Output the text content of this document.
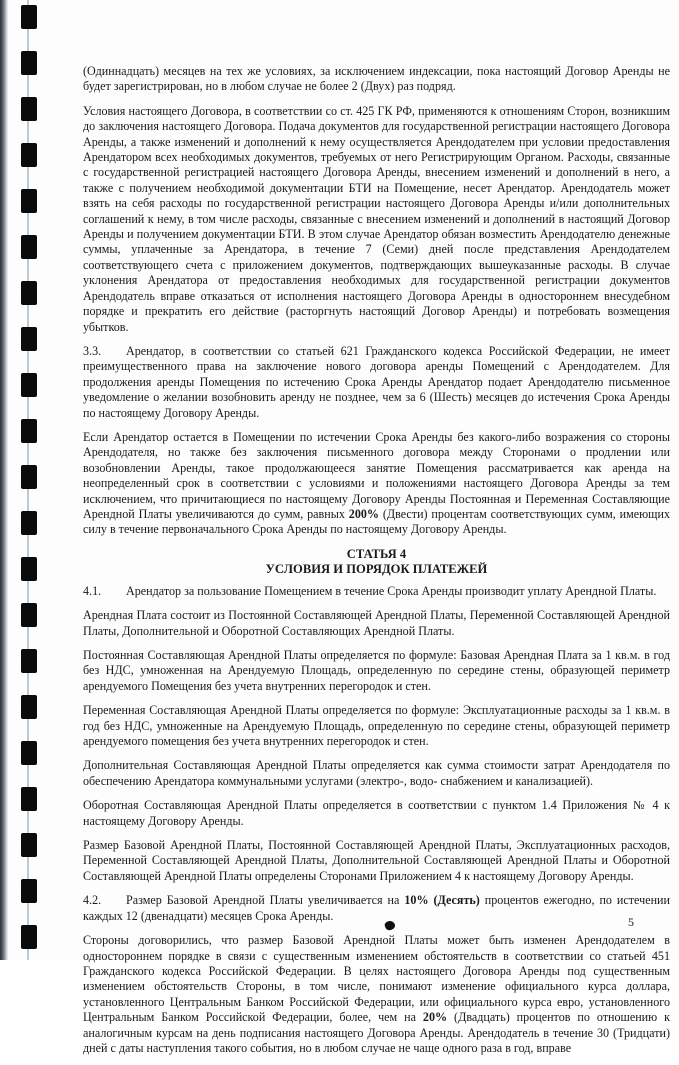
(Одиннадцать) месяцев на тех же условиях, за исключением индексации, пока настоящий Договор Аренды не будет зарегистрирован, но в любом случае не более 2 (Двух) раз подряд.

Условия настоящего Договора, в соответствии со ст. 425 ГК РФ, применяются к отношениям Сторон, возникшим до заключения настоящего Договора. Подача документов для государственной регистрации настоящего Договора Аренды, а также изменений и дополнений к нему осуществляется Арендодателем при условии предоставления Арендатором всех необходимых документов, требуемых от него Регистрирующим Органом. Расходы, связанные с государственной регистрацией настоящего Договора Аренды, внесением изменений и дополнений в него, а также с получением необходимой документации БТИ на Помещение, несет Арендатор. Арендодатель может взять на себя расходы по государственной регистрации настоящего Договора Аренды и/или дополнительных соглашений к нему, в том числе расходы, связанные с внесением изменений и дополнений в настоящий Договор Аренды и получением документации БТИ. В этом случае Арендатор обязан возместить Арендодателю денежные суммы, уплаченные за Арендатора, в течение 7 (Семи) дней после представления Арендодателем соответствующего счета с приложением документов, подтверждающих вышеуказанные расходы. В случае уклонения Арендатора от предоставления необходимых для государственной регистрации документов Арендодатель вправе отказаться от исполнения настоящего Договора Аренды в одностороннем внесудебном порядке и прекратить его действие (расторгнуть настоящий Договор Аренды) и потребовать возмещения убытков.

3.3. Арендатор, в соответствии со статьей 621 Гражданского кодекса Российской Федерации, не имеет преимущественного права на заключение нового договора аренды Помещений с Арендодателем. Для продолжения аренды Помещения по истечению Срока Аренды Арендатор подает Арендодателю письменное уведомление о желании возобновить аренду не позднее, чем за 6 (Шесть) месяцев до истечения Срока Аренды по настоящему Договору Аренды.

Если Арендатор остается в Помещении по истечении Срока Аренды без какого-либо возражения со стороны Арендодателя, но также без заключения письменного договора между Сторонами о продлении или возобновлении Аренды, такое продолжающееся занятие Помещения рассматривается как аренда на неопределенный срок в соответствии с условиями и положениями настоящего Договора Аренды за тем исключением, что причитающиеся по настоящему Договору Аренды Постоянная и Переменная Составляющие Арендной Платы увеличиваются до сумм, равных 200% (Двести) процентам соответствующих сумм, имеющих силу в течение первоначального Срока Аренды по настоящему Договору Аренды.

СТАТЬЯ 4
УСЛОВИЯ И ПОРЯДОК ПЛАТЕЖЕЙ

4.1. Арендатор за пользование Помещением в течение Срока Аренды производит уплату Арендной Платы.

Арендная Плата состоит из Постоянной Составляющей Арендной Платы, Переменной Составляющей Арендной Платы, Дополнительной и Оборотной Составляющих Арендной Платы.

Постоянная Составляющая Арендной Платы определяется по формуле: Базовая Арендная Плата за 1 кв.м. в год без НДС, умноженная на Арендуемую Площадь, определенную по середине стены, образующей периметр арендуемого Помещения без учета внутренних перегородок и стен.

Переменная Составляющая Арендной Платы определяется по формуле: Эксплуатационные расходы за 1 кв.м. в год без НДС, умноженные на Арендуемую Площадь, определенную по середине стены, образующей периметр арендуемого помещения без учета внутренних перегородок и стен.

Дополнительная Составляющая Арендной Платы определяется как сумма стоимости затрат Арендодателя по обеспечению Арендатора коммунальными услугами (электро-, водо- снабжением и канализацией).

Оборотная Составляющая Арендной Платы определяется в соответствии с пунктом 1.4 Приложения № 4 к настоящему Договору Аренды.

Размер Базовой Арендной Платы, Постоянной Составляющей Арендной Платы, Эксплуатационных расходов, Переменной Составляющей Арендной Платы, Дополнительной Составляющей Арендной Платы и Оборотной Составляющей Арендной Платы определены Сторонами Приложением 4 к настоящему Договору Аренды.

4.2. Размер Базовой Арендной Платы увеличивается на 10% (Десять) процентов ежегодно, по истечении каждых 12 (двенадцати) месяцев Срока Аренды.

Стороны договорились, что размер Базовой Арендной Платы может быть изменен Арендодателем в одностороннем порядке в связи с существенным изменением обстоятельств в соответствии со статьей 451 Гражданского кодекса Российской Федерации. В целях настоящего Договора Аренды под существенным изменением обстоятельств Стороны, в том числе, понимают изменение официального курса доллара, установленного Центральным Банком Российской Федерации, или официального курса евро, установленного Центральным Банком Российской Федерации, более, чем на 20% (Двадцать) процентов по отношению к аналогичным курсам на день подписания настоящего Договора Аренды. Арендодатель в течение 30 (Тридцати) дней с даты наступления такого события, но в любом случае не чаще одного раза в год, вправе

5
